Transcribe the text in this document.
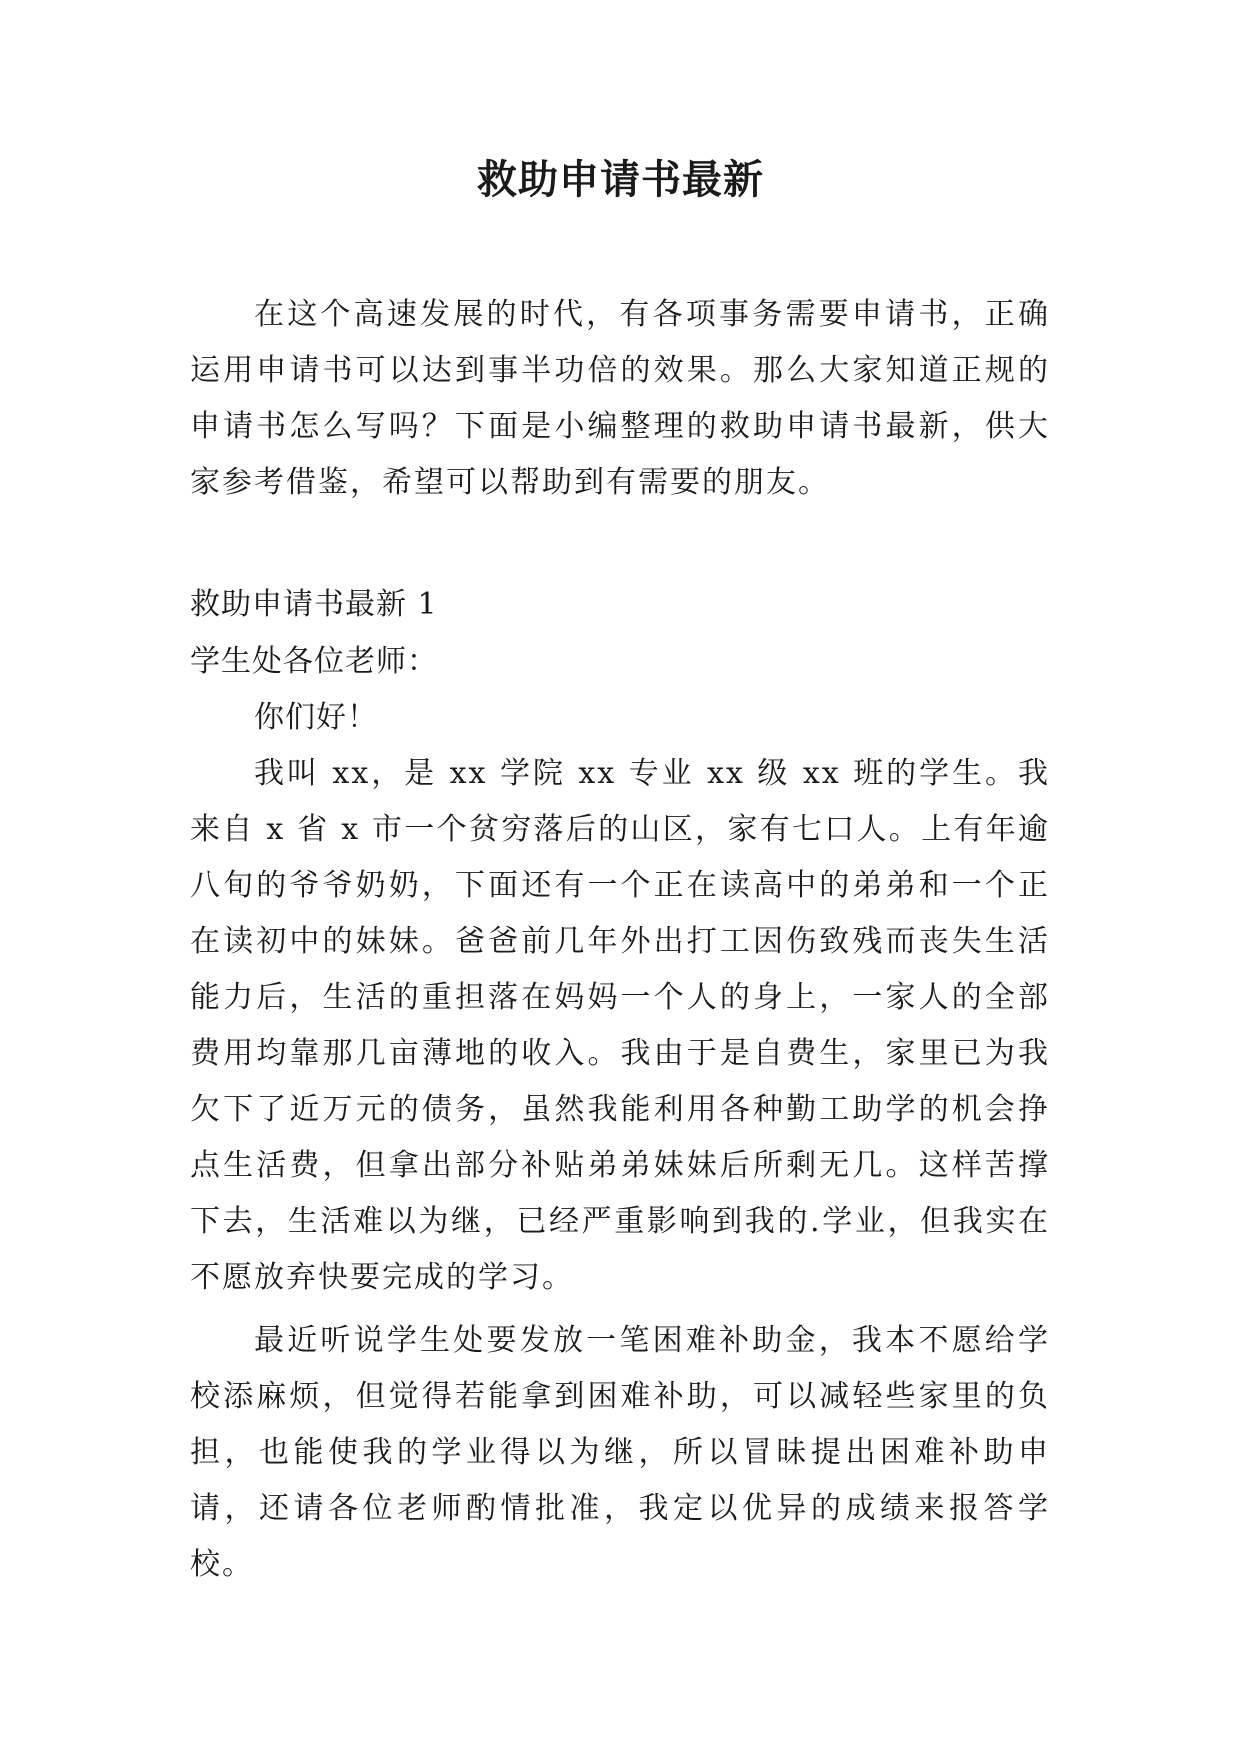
救助申请书最新

在这个高速发展的时代，有各项事务需要申请书，正确运用申请书可以达到事半功倍的效果。那么大家知道正规的申请书怎么写吗？下面是小编整理的救助申请书最新，供大家参考借鉴，希望可以帮助到有需要的朋友。

救助申请书最新 1

学生处各位老师：

你们好！

我叫 xx，是 xx 学院 xx 专业 xx 级 xx 班的学生。我来自 x 省 x 市一个贫穷落后的山区，家有七口人。上有年逾八旬的爷爷奶奶，下面还有一个正在读高中的弟弟和一个正在读初中的妹妹。爸爸前几年外出打工因伤致残而丧失生活能力后，生活的重担落在妈妈一个人的身上，一家人的全部费用均靠那几亩薄地的收入。我由于是自费生，家里已为我欠下了近万元的债务，虽然我能利用各种勤工助学的机会挣点生活费，但拿出部分补贴弟弟妹妹后所剩无几。这样苦撑下去，生活难以为继，已经严重影响到我的.学业，但我实在不愿放弃快要完成的学习。

最近听说学生处要发放一笔困难补助金，我本不愿给学校添麻烦，但觉得若能拿到困难补助，可以减轻些家里的负担，也能使我的学业得以为继，所以冒昧提出困难补助申请，还请各位老师酌情批准，我定以优异的成绩来报答学校。
